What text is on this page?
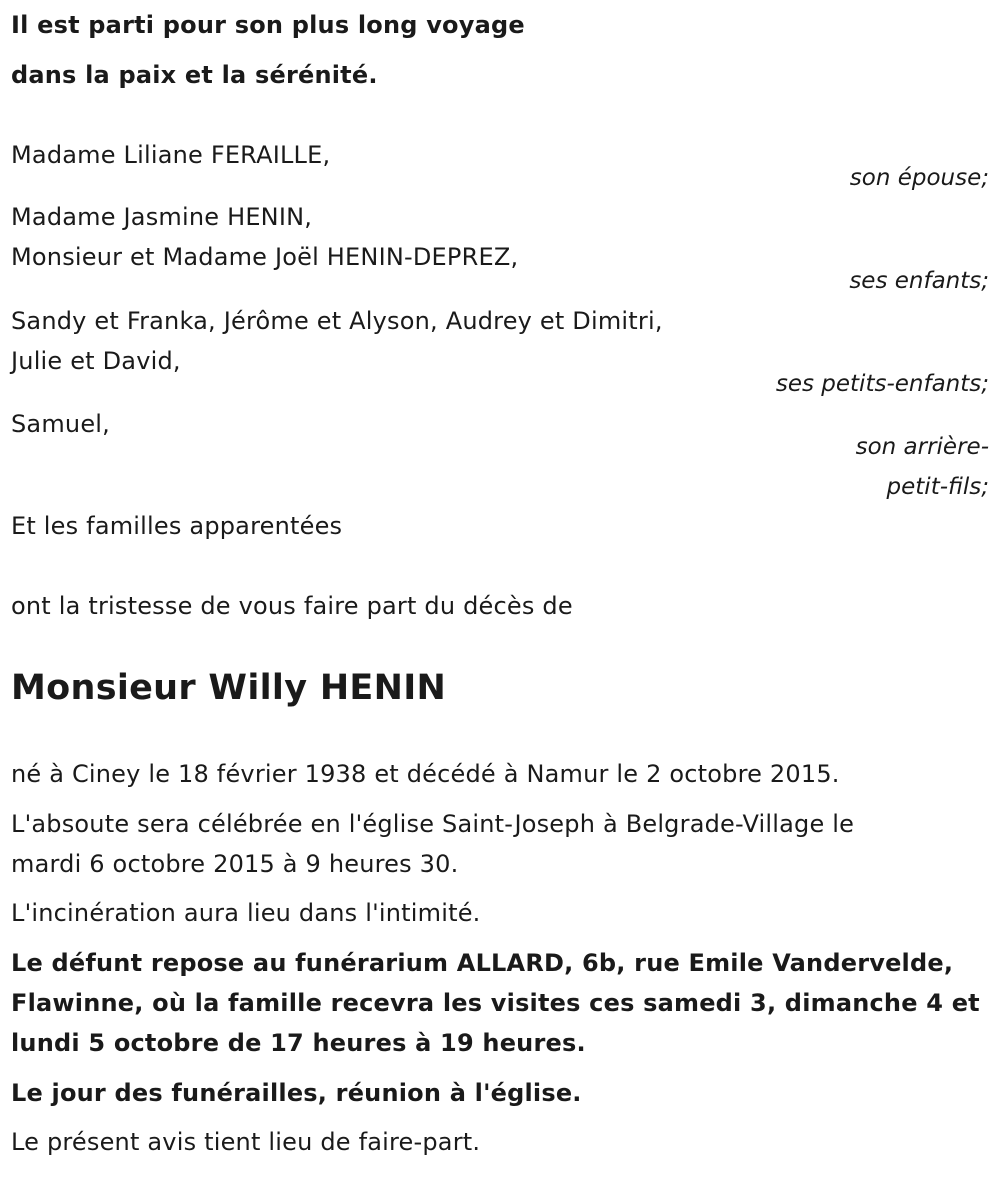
Il est parti pour son plus long voyage
dans la paix et la sérénité.
Madame Liliane FERAILLE,
son épouse;
Madame Jasmine HENIN,
Monsieur et Madame Joël HENIN-DEPREZ,
ses enfants;
Sandy et Franka, Jérôme et Alyson, Audrey et Dimitri,
Julie et David,
ses petits-enfants;
Samuel,
son arrière-
petit-fils;
Et les familles apparentées
ont la tristesse de vous faire part du décès de
Monsieur Willy HENIN
né à Ciney le 18 février 1938 et décédé à Namur le 2 octobre 2015.
L'absoute sera célébrée en l'église Saint-Joseph à Belgrade-Village le
mardi 6 octobre 2015 à 9 heures 30.
L'incinération aura lieu dans l'intimité.
Le défunt repose au funérarium ALLARD, 6b, rue Emile Vandervelde,
Flawinne, où la famille recevra les visites ces samedi 3, dimanche 4 et
lundi 5 octobre de 17 heures à 19 heures.
Le jour des funérailles, réunion à l'église.
Le présent avis tient lieu de faire-part.
